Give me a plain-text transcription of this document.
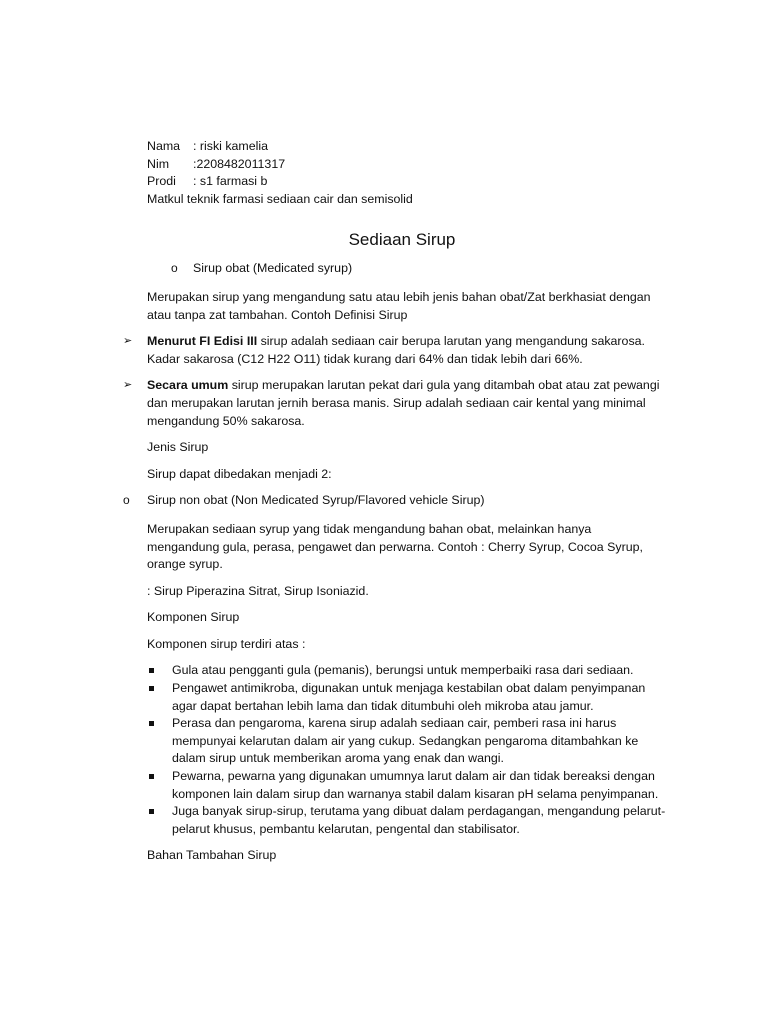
Nama	: riski kamelia
Nim	:2208482011317
Prodi	: s1 farmasi b
Matkul teknik farmasi sediaan cair dan semisolid
Sediaan Sirup
o Sirup obat (Medicated syrup)

Merupakan sirup yang mengandung satu atau lebih jenis bahan obat/Zat berkhasiat dengan atau tanpa zat tambahan. Contoh Definisi Sirup

➢ Menurut FI Edisi III sirup adalah sediaan cair berupa larutan yang mengandung sakarosa. Kadar sakarosa (C12 H22 O11) tidak kurang dari 64% dan tidak lebih dari 66%.
➢ Secara umum sirup merupakan larutan pekat dari gula yang ditambah obat atau zat pewangi dan merupakan larutan jernih berasa manis. Sirup adalah sediaan cair kental yang minimal mengandung 50% sakarosa.

Jenis Sirup

Sirup dapat dibedakan menjadi 2:

o Sirup non obat (Non Medicated Syrup/Flavored vehicle Sirup)

Merupakan sediaan syrup yang tidak mengandung bahan obat, melainkan hanya mengandung gula, perasa, pengawet dan perwarna. Contoh : Cherry Syrup, Cocoa Syrup, orange syrup.

: Sirup Piperazina Sitrat, Sirup Isoniazid.

Komponen Sirup

Komponen sirup terdiri atas :

Gula atau pengganti gula (pemanis), berungsi untuk memperbaiki rasa dari sediaan.
Pengawet antimikroba, digunakan untuk menjaga kestabilan obat dalam penyimpanan agar dapat bertahan lebih lama dan tidak ditumbuhi oleh mikroba atau jamur.
Perasa dan pengaroma, karena sirup adalah sediaan cair, pemberi rasa ini harus mempunyai kelarutan dalam air yang cukup. Sedangkan pengaroma ditambahkan ke dalam sirup untuk memberikan aroma yang enak dan wangi.
Pewarna, pewarna yang digunakan umumnya larut dalam air dan tidak bereaksi dengan komponen lain dalam sirup dan warnanya stabil dalam kisaran pH selama penyimpanan.
Juga banyak sirup-sirup, terutama yang dibuat dalam perdagangan, mengandung pelarut-pelarut khusus, pembantu kelarutan, pengental dan stabilisator.

Bahan Tambahan Sirup
